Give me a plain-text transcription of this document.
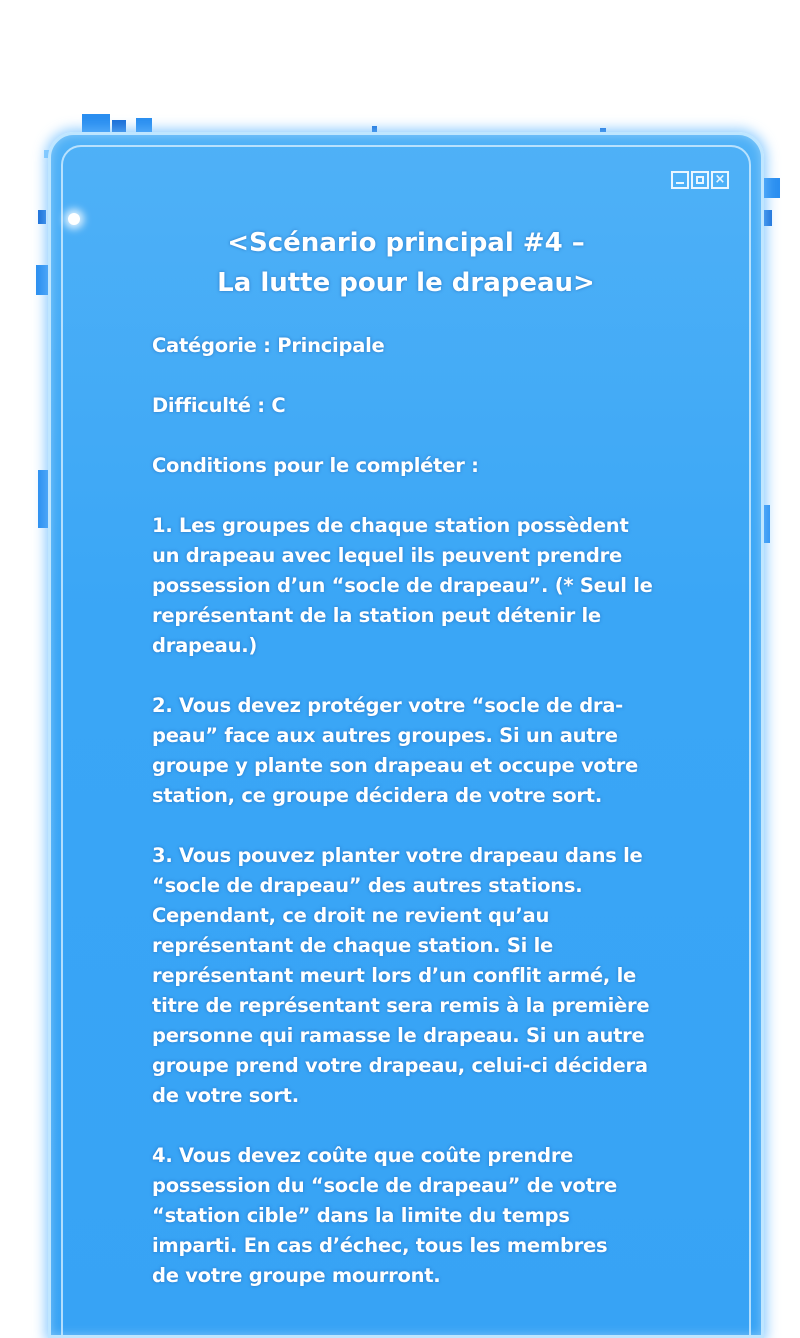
×
<Scénario principal #4 –
La lutte pour le drapeau>
Catégorie : Principale
Difficulté : C
Conditions pour le compléter :
1. Les groupes de chaque station possèdent
un drapeau avec lequel ils peuvent prendre
possession d’un “socle de drapeau”. (* Seul le
représentant de la station peut détenir le
drapeau.)
2. Vous devez protéger votre “socle de dra-
peau” face aux autres groupes. Si un autre
groupe y plante son drapeau et occupe votre
station, ce groupe décidera de votre sort.
3. Vous pouvez planter votre drapeau dans le
“socle de drapeau” des autres stations.
Cependant, ce droit ne revient qu’au
représentant de chaque station. Si le
représentant meurt lors d’un conflit armé, le
titre de représentant sera remis à la première
personne qui ramasse le drapeau. Si un autre
groupe prend votre drapeau, celui-ci décidera
de votre sort.
4. Vous devez coûte que coûte prendre
possession du “socle de drapeau” de votre
“station cible” dans la limite du temps
imparti. En cas d’échec, tous les membres
de votre groupe mourront.
